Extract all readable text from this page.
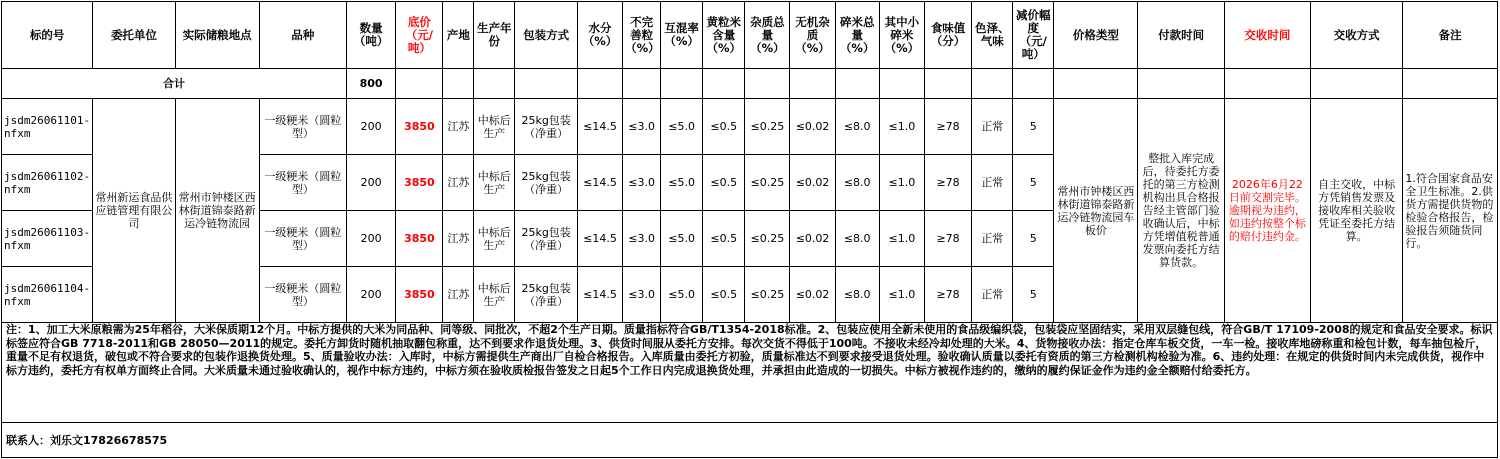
标的号	委托单位	实际储粮地点	品种	数量（吨）	底价（元/吨）	产地	生产年份	包装方式	水分（%）	不完善粒（%）	互混率（%）	黄粒米含量（%）	杂质总量（%）	无机杂质（%）	碎米总量（%）	其中小碎米（%）	食味值（分）	色泽、气味	减价幅度（元/吨）	价格类型	付款时间	交收时间	交收方式	备注
合计				800																				
jsdm26061101-nfxm	常州新运食品供应链管理有限公司	常州市钟楼区西林街道锦泰路新运冷链物流园	一级粳米（圆粒型）	200	3850	江苏	中标后生产	25kg包装（净重）	≤14.5	≤3.0	≤5.0	≤0.5	≤0.25	≤0.02	≤8.0	≤1.0	≥78	正常	5	常州市钟楼区西林街道锦泰路新运冷链物流园车板价	整批入库完成后，待委托方委托的第三方检测机构出具合格报告经主管部门验收确认后，中标方凭增值税普通发票向委托方结算货款。	2026年6月22日前交割完毕。逾期视为违约，如违约按整个标的赔付违约金。	自主交收，中标方凭销售发票及接收库相关验收凭证至委托方结算。	1.符合国家食品安全卫生标准。2.供货方需提供货物的检验合格报告，检验报告须随货同行。
jsdm26061102-nfxm			一级粳米（圆粒型）	200	3850	江苏	中标后生产	25kg包装（净重）	≤14.5	≤3.0	≤5.0	≤0.5	≤0.25	≤0.02	≤8.0	≤1.0	≥78	正常	5					
jsdm26061103-nfxm			一级粳米（圆粒型）	200	3850	江苏	中标后生产	25kg包装（净重）	≤14.5	≤3.0	≤5.0	≤0.5	≤0.25	≤0.02	≤8.0	≤1.0	≥78	正常	5					
jsdm26061104-nfxm			一级粳米（圆粒型）	200	3850	江苏	中标后生产	25kg包装（净重）	≤14.5	≤3.0	≤5.0	≤0.5	≤0.25	≤0.02	≤8.0	≤1.0	≥78	正常	5					
注：1、加工大米原粮需为25年稻谷，大米保质期12个月。中标方提供的大米为同品种、同等级、同批次，不超2个生产日期。质量指标符合GB/T1354-2018标准。2、包装应使用全新未使用的食品级编织袋，包装袋应坚固结实，采用双层缝包线，符合GB/T 17109-2008的规定和食品安全要求。标识标签应符合GB 7718-2011和GB 28050—2011的规定。委托方卸货时随机抽取翻包称重，达不到要求作退货处理。3、供货时间服从委托方安排。每次交货不得低于100吨。不接收未经冷却处理的大米。4、货物接收办法：指定仓库车板交货，一车一检。接收库地磅称重和检包计数，每车抽包检斤，重量不足有权退货，破包或不符合要求的包装作退换货处理。5、质量验收办法：入库时，中标方需提供生产商出厂自检合格报告。入库质量由委托方初验，质量标准达不到要求接受退货处理。验收确认质量以委托有资质的第三方检测机构检验为准。6、违约处理：在规定的供货时间内未完成供货，视作中标方违约，委托方有权单方面终止合同。大米质量未通过验收确认的，视作中标方违约，中标方须在验收质检报告签发之日起5个工作日内完成退换货处理，并承担由此造成的一切损失。中标方被视作违约的，缴纳的履约保证金作为违约金全额赔付给委托方。
联系人：刘乐文17826678575
